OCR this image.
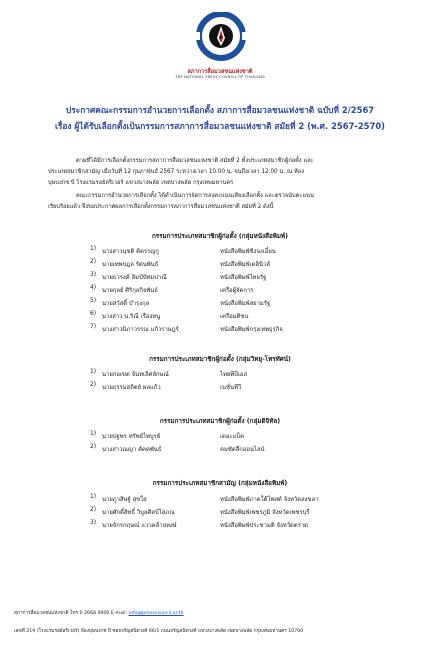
สภาการสื่อมวลชนแห่งชาติ
THE NATIONAL PRESS COUNCIL OF THAILAND
ประกาศคณะกรรมการอำนวยการเลือกตั้ง สภาการสื่อมวลชนแห่งชาติ ฉบับที่ 2/2567
เรื่อง ผู้ได้รับเลือกตั้งเป็นกรรมการสภาการสื่อมวลชนแห่งชาติ สมัยที่ 2 (พ.ศ. 2567-2570)
ตามที่ได้มีการเลือกตั้งกรรมการสภาการสื่อมวลชนแห่งชาติ สมัยที่ 2 ทั้งประเภทสมาชิกผู้ก่อตั้ง และ
ประเภทสมาชิกสามัญ เมื่อวันที่ 12 กุมภาพันธ์ 2567 ระหว่างเวลา 10.00 น. จนถึงเวลา 12.00 น. ณ ห้อง
บุษบงกช บี โรงแรมรอยัลริเวอร์ แขวงบางพลัด เขตบางพลัด กรุงเทพมหานคร
คณะกรรมการอำนวยการเลือกตั้ง ได้ดำเนินการจัดการลงคะแนนเสียงเลือกตั้ง และตรวจนับคะแนน
เรียบร้อยแล้ว จึงขอประกาศผลการเลือกตั้งกรรมการสภาการสื่อมวลชนแห่งชาติ สมัยที่ 2 ดังนี้
กรรมการประเภทสมาชิกผู้ก่อตั้ง (กลุ่มหนังสือพิมพ์)
1) นางสาวนุชติ คิดรรญกู	หนังสือพิมพ์ซิงจงเอี๋ยน
2) นายเทพปฎล รัตนพันธ์	หนังสือพิมพ์เดลินิวส์
3) นายธวรงค์ ลิมป์ปัทมปาณี	หนังสือพิมพ์ไทยรัฐ
4) นายกุลย์ ศิริกุลกิจพันธ์	เครือผู้จัดการ
5) นายสวัสดิ์ บำรุงกุล	หนังสือพิมพ์สยามรัฐ
6) นางสาว น.ริณี เรืองหนู	เครือมติชน
7) นางสาวนิภาวรรณ แก้วราษฎร์	หนังสือพิมพ์กรุงเทพธุรกิจ
กรรมการประเภทสมาชิกผู้ก่อตั้ง (กลุ่มวิทยุ-โทรทัศน์)
1) นายก่อเขต จันทเลิศลักษณ์	ไทยพีบีเอส
2) นายธรรมสถิตย์ ผลแก้ว	เนชั่นทีวี
กรรมการประเภทสมาชิกผู้ก่อตั้ง (กลุ่มดิจิทัล)
1) นายปฐพร ทรัพย์ไพบูรย์	เดอะแบ็ค
2) นางสาวณญา คัคคพันธ์	คมชัดลึกออนไลน์
กรรมการประเภทสมาชิกสามัญ (กลุ่มหนังสือพิมพ์)
1) นายภูวสิษฐ์ สุขใส	หนังสือพิมพ์ภาคใต้โพสต์ จังหวัดสงขลา
2) นายศักดิ์สิทธิ์ วิบูลศิลป์โสภณ	หนังสือพิมพ์เพชรภูมิ จังหวัดเพชรบุรี
3) นายจักรกฤษณ์ แววคล้ายหงษ์	หนังสือพิมพ์ประชามติ จังหวัดตราด
สภาการสื่อมวลชนแห่งชาติ โทร 0 2668 9900 E-mail: info@presscouncil.or.th
เลขที่ 219 (โรงแรมรอยัลริเวอร์) ห้องบุษบงกช บี ซอยจรัญสนิทวงศ์ 66/1 ถนนจรัญสนิทวงศ์ แขวงบางพลัด เขตบางพลัด กรุงเทพมหานคร 10700
